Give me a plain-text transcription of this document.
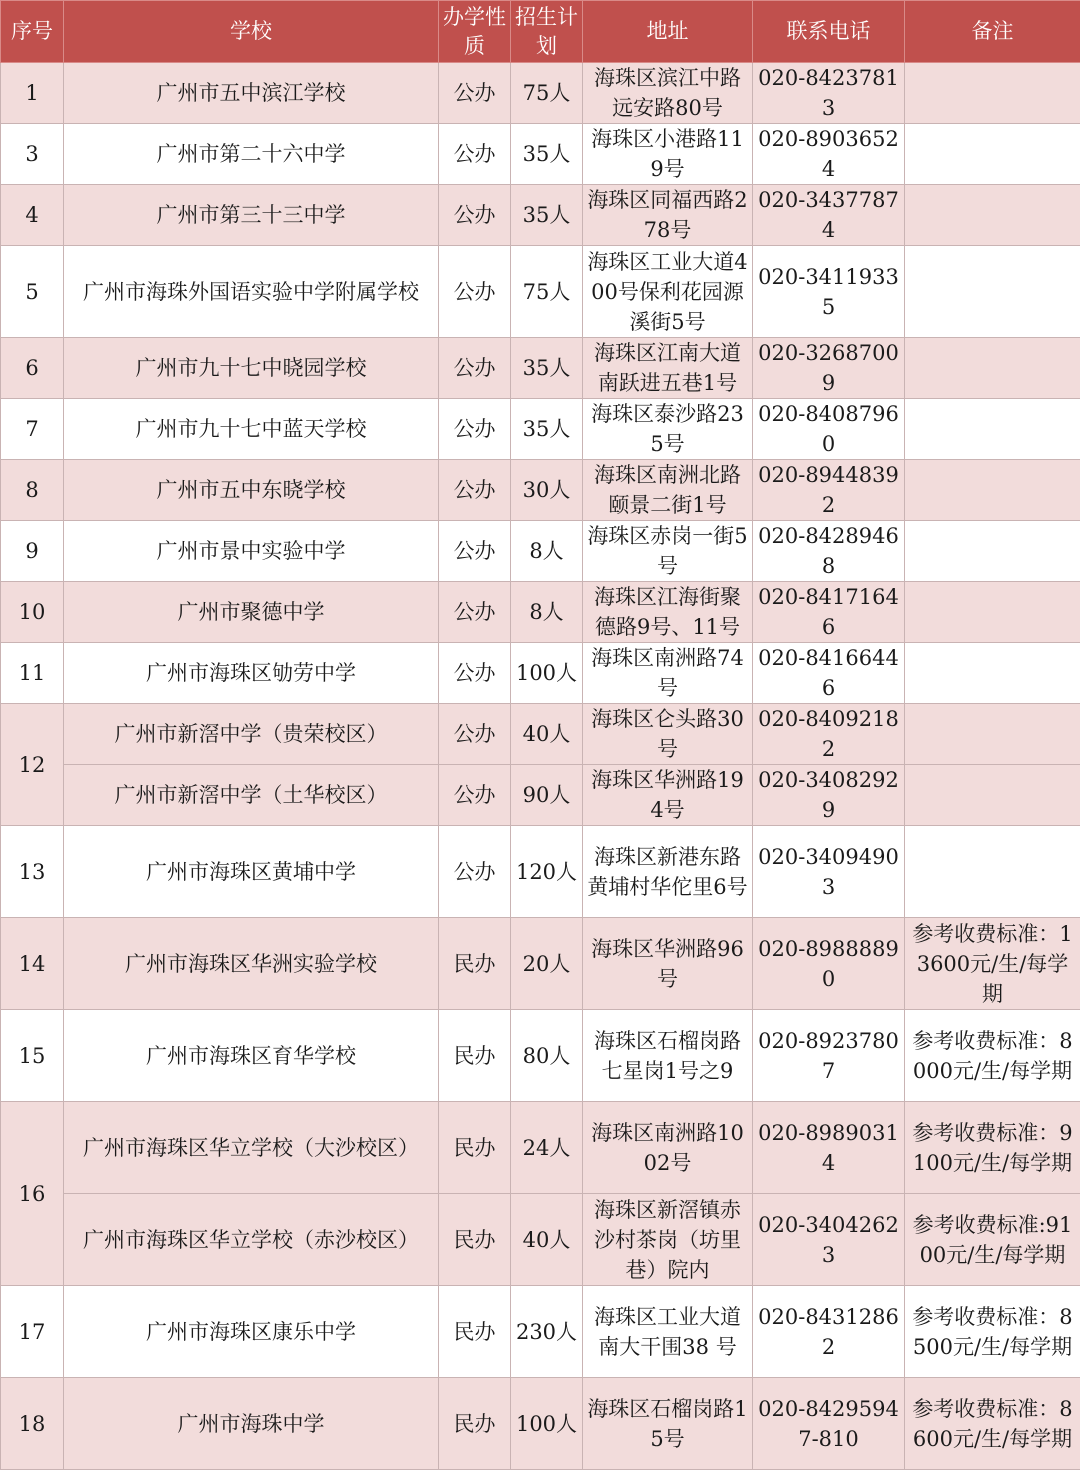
序号	学校	办学性质	招生计划	地址	联系电话	备注
1	广州市五中滨江学校	公办	75人	海珠区滨江中路远安路80号	020-84237813	
3	广州市第二十六中学	公办	35人	海珠区小港路119号	020-89036524	
4	广州市第三十三中学	公办	35人	海珠区同福西路278号	020-34377874	
5	广州市海珠外国语实验中学附属学校	公办	75人	海珠区工业大道400号保利花园源溪街5号	020-34119335	
6	广州市九十七中晓园学校	公办	35人	海珠区江南大道南跃进五巷1号	020-32687009	
7	广州市九十七中蓝天学校	公办	35人	海珠区泰沙路235号	020-84087960	
8	广州市五中东晓学校	公办	30人	海珠区南洲北路颐景二街1号	020-89448392	
9	广州市景中实验中学	公办	8人	海珠区赤岗一街5号	020-84289468	
10	广州市聚德中学	公办	8人	海珠区江海街聚德路9号、11号	020-84171646	
11	广州市海珠区劬劳中学	公办	100人	海珠区南洲路74号	020-84166446	
12	广州市新滘中学（贵荣校区）	公办	40人	海珠区仑头路30号	020-84092182	
	广州市新滘中学（土华校区）	公办	90人	海珠区华洲路194号	020-34082929	
13	广州市海珠区黄埔中学	公办	120人	海珠区新港东路黄埔村华佗里6号	020-34094903	
14	广州市海珠区华洲实验学校	民办	20人	海珠区华洲路96号	020-89888890	参考收费标准：13600元/生/每学期
15	广州市海珠区育华学校	民办	80人	海珠区石榴岗路七星岗1号之9	020-89237807	参考收费标准：8000元/生/每学期
16	广州市海珠区华立学校（大沙校区）	民办	24人	海珠区南洲路1002号	020-89890314	参考收费标准：9100元/生/每学期
	广州市海珠区华立学校（赤沙校区）	民办	40人	海珠区新滘镇赤沙村茶岗（坊里巷）院内	020-34042623	参考收费标准:9100元/生/每学期
17	广州市海珠区康乐中学	民办	230人	海珠区工业大道南大干围38 号	020-84312862	参考收费标准：8500元/生/每学期
18	广州市海珠中学	民办	100人	海珠区石榴岗路15号	020-84295947-810	参考收费标准：8600元/生/每学期
